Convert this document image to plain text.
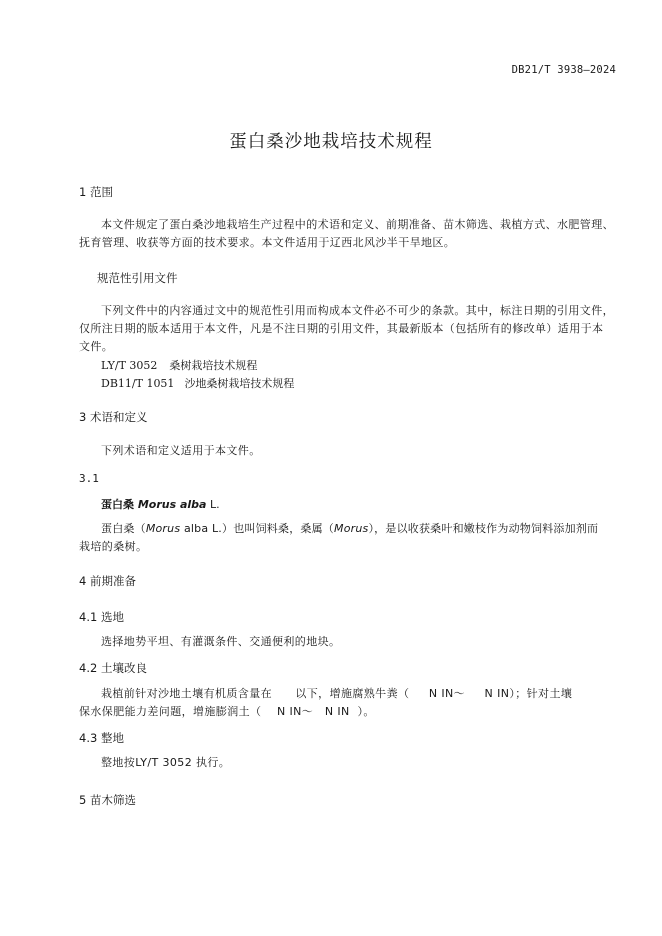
DB21/T 3938—2024
蛋白桑沙地栽培技术规程
1 范围
本文件规定了蛋白桑沙地栽培生产过程中的术语和定义、前期准备、苗木筛选、栽植方式、水肥管理、
抚育管理、收获等方面的技术要求。本文件适用于辽西北风沙半干旱地区。
规范性引用文件
下列文件中的内容通过文中的规范性引用而构成本文件必不可少的条款。其中，标注日期的引用文件，
仅所注日期的版本适用于本文件，凡是不注日期的引用文件，其最新版本（包括所有的修改单）适用于本
文件。
LY/T 3052 桑树栽培技术规程
DB11/T 1051 沙地桑树栽培技术规程
3 术语和定义
下列术语和定义适用于本文件。
3.1
蛋白桑 Morus alba L.
蛋白桑（Morus alba L.）也叫饲料桑，桑属（Morus），是以收获桑叶和嫩枝作为动物饲料添加剂而
栽培的桑树。
4 前期准备
4.1 选地
选择地势平坦、有灌溉条件、交通便利的地块。
4.2 土壤改良
栽植前针对沙地土壤有机质含量在      以下，增施腐熟牛粪（     N IN～     N IN）；针对土壤
保水保肥能力差问题，增施膨润土（    N IN～   N IN  ）。
4.3 整地
整地按LY/T 3052 执行。
5 苗木筛选
